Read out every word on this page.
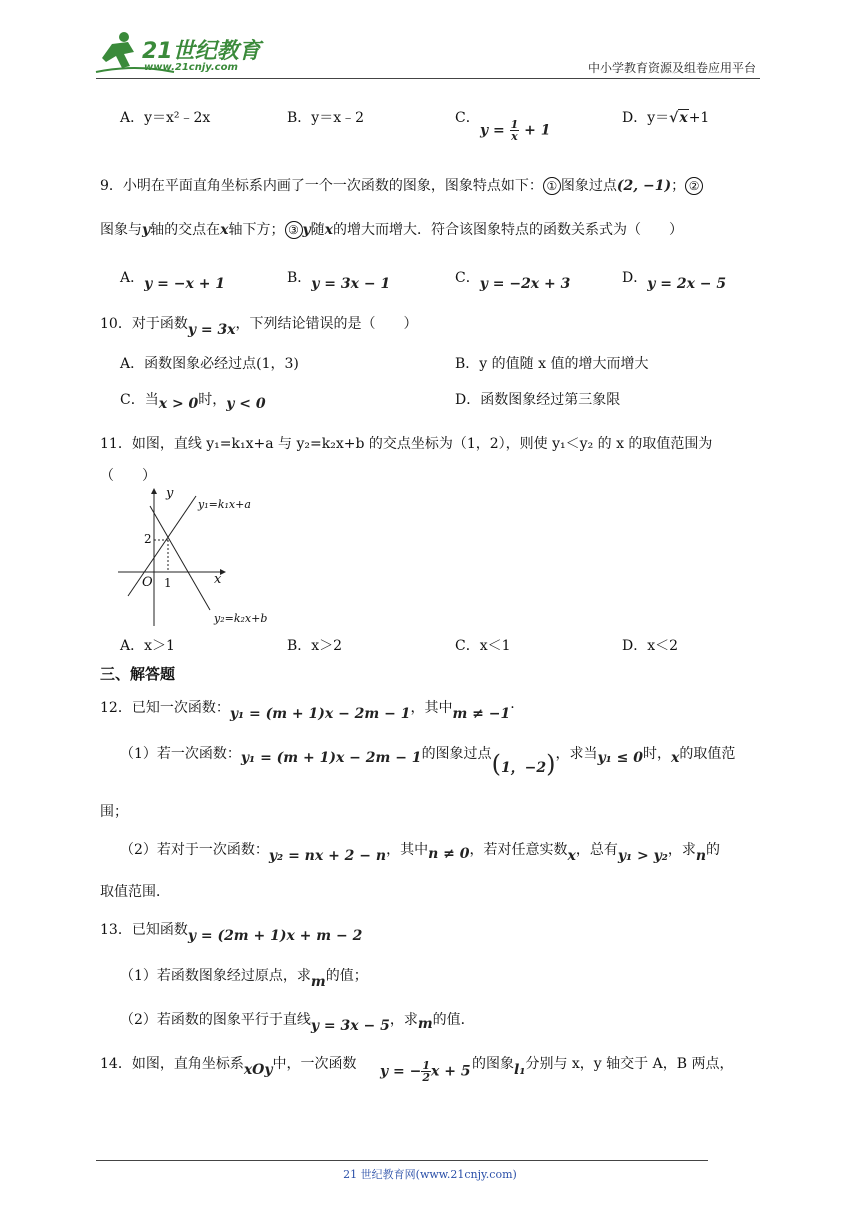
21世纪教育
www.21cnjy.com	中小学教育资源及组卷应用平台
A．y＝x²﹣2x	B．y＝x﹣2	C．
$y = \frac{1}{x} + 1$
D．y＝√x+1
9．小明在平面直角坐标系内画了一个一次函数的图象，图象特点如下： ① 图象过点(2, −1)； ②
图象与y轴的交点在x轴下方； ③ y随x的增大而增大．符合该图象特点的函数关系式为（　　）
A．y = −x + 1	B．y = 3x − 1	C．y = −2x + 3	D．y = 2x − 5
10．对于函数y = 3x，下列结论错误的是（　　）
A．函数图象必经过点(1，3)	B．y 的值随 x 值的增大而增大
C．当x > 0时，y < 0	D．函数图象经过第三象限
11．如图，直线 y₁=k₁x+a 与 y₂=k₂x+b 的交点坐标为（1，2），则使 y₁＜y₂ 的 x 的取值范围为
（　　）
y
x
O 1
2
y₁=k₁x+a
y₂=k₂x+b
A．x＞1	B．x＞2	C．x＜1	D．x＜2
三、解答题
12．已知一次函数：y₁ = (m + 1)x − 2m − 1，其中m ≠ −1·
（1）若一次函数：y₁ = (m + 1)x − 2m − 1的图象过点(1，−2)，求当y₁ ≤ 0时，x的取值范
围；
（2）若对于一次函数：y₂ = nx + 2 − n，其中n ≠ 0，若对任意实数x，总有y₁ > y₂，求n的
取值范围．
13．已知函数y = (2m + 1)x + m − 2
（1）若函数图象经过原点，求m的值；
（2）若函数的图象平行于直线y = 3x − 5，求m的值．
14．如图，直角坐标系xOy中，一次函数 y = − $\frac{1}{2}$ x + 5 的图象l₁分别与 x，y 轴交于 A，B 两点，
21 世纪教育网(www.21cnjy.com)
